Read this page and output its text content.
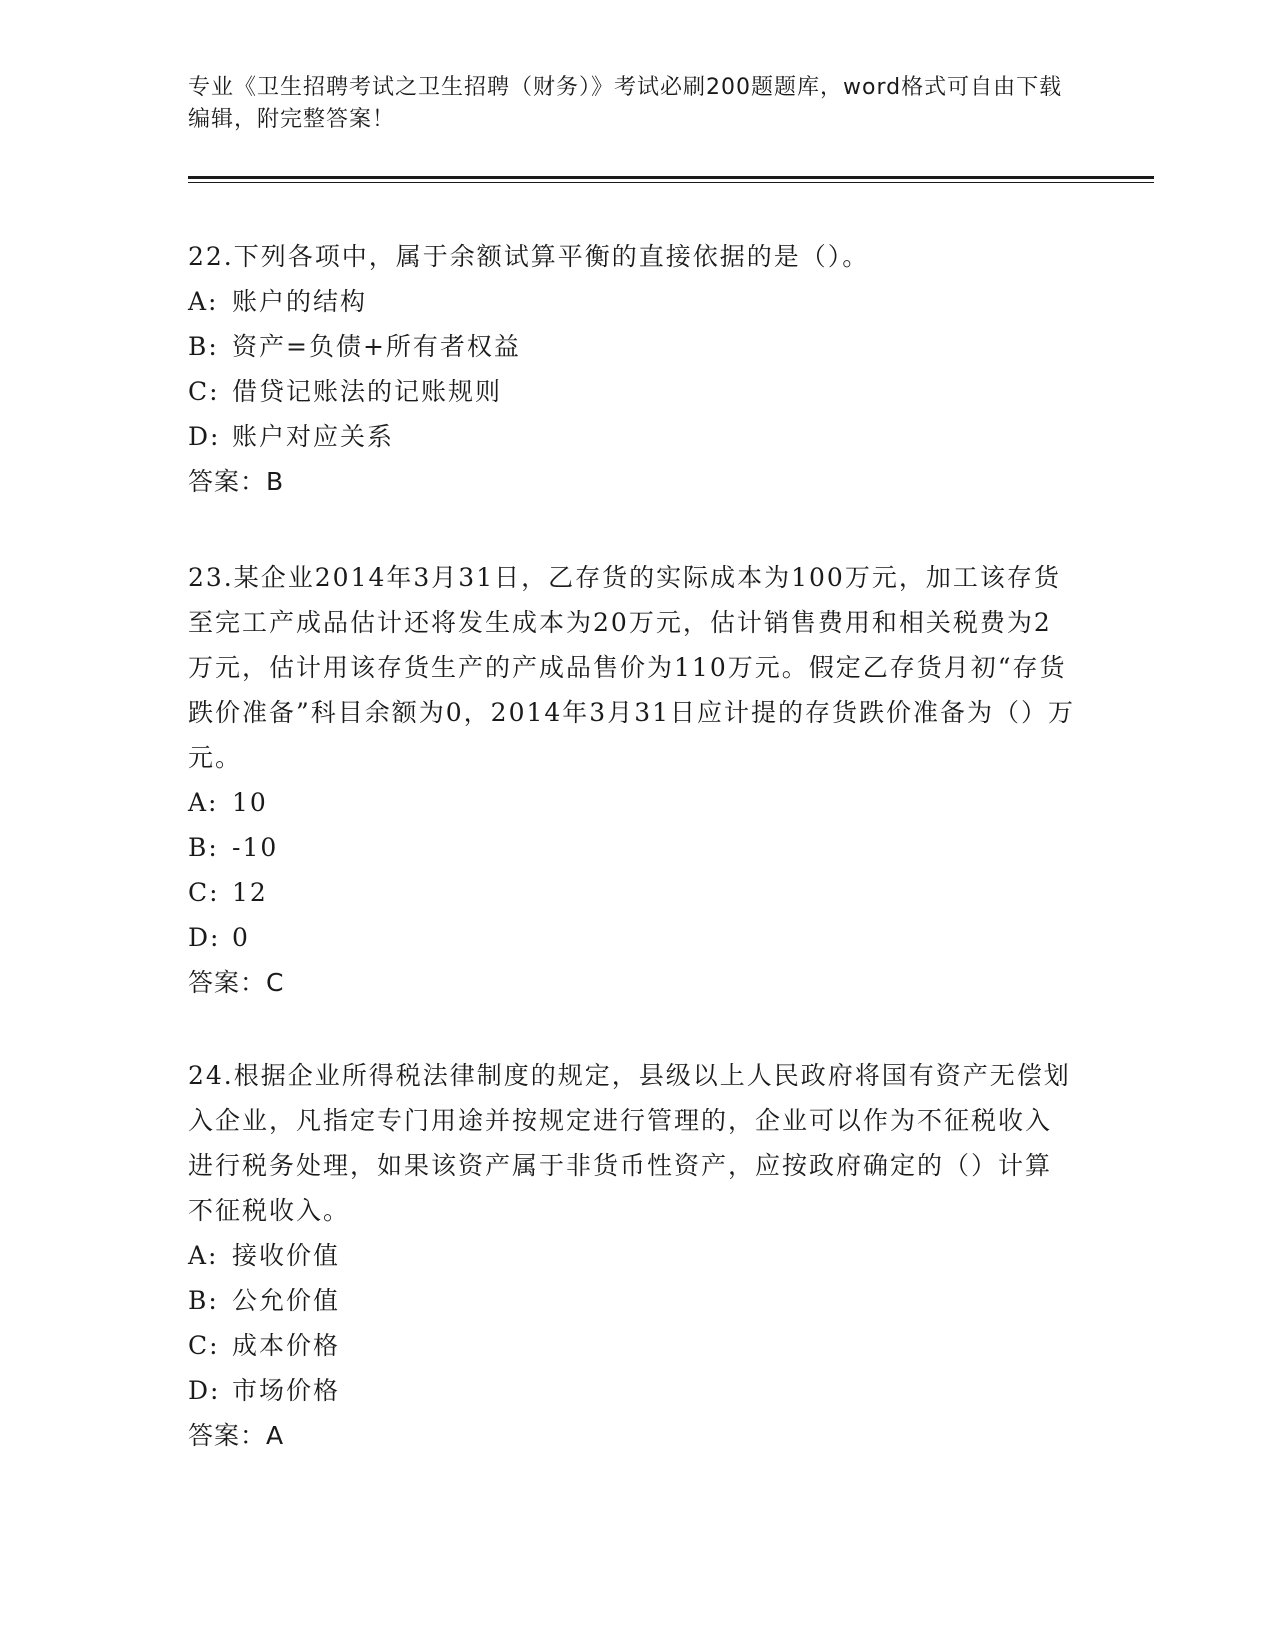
专业《卫生招聘考试之卫生招聘（财务）》考试必刷200题题库，word格式可自由下载编辑，附完整答案！

22.下列各项中，属于余额试算平衡的直接依据的是（）。

A: 账户的结构

B: 资产=负债+所有者权益

C: 借贷记账法的记账规则

D: 账户对应关系

答案：B

23.某企业2014年3月31日，乙存货的实际成本为100万元，加工该存货至完工产成品估计还将发生成本为20万元，估计销售费用和相关税费为2万元，估计用该存货生产的产成品售价为110万元。假定乙存货月初“存货跌价准备”科目余额为0，2014年3月31日应计提的存货跌价准备为（）万元。

A: 10

B: -10

C: 12

D: 0

答案：C

24.根据企业所得税法律制度的规定，县级以上人民政府将国有资产无偿划入企业，凡指定专门用途并按规定进行管理的，企业可以作为不征税收入进行税务处理，如果该资产属于非货币性资产，应按政府确定的（）计算不征税收入。

A: 接收价值

B: 公允价值

C: 成本价格

D: 市场价格

答案：A
